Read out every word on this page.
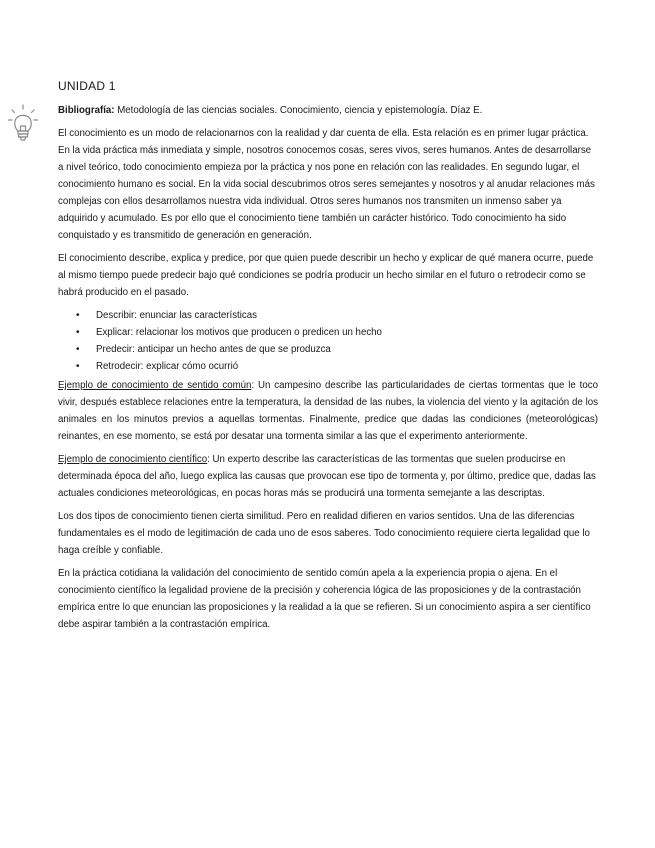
UNIDAD 1

Bibliografía: Metodología de las ciencias sociales. Conocimiento, ciencia y epistemología. Díaz E.

El conocimiento es un modo de relacionarnos con la realidad y dar cuenta de ella. Esta relación es en primer lugar práctica. En la vida práctica más inmediata y simple, nosotros conocemos cosas, seres vivos, seres humanos. Antes de desarrollarse a nivel teórico, todo conocimiento empieza por la práctica y nos pone en relación con las realidades. En segundo lugar, el conocimiento humano es social. En la vida social descubrimos otros seres semejantes y nosotros y al anudar relaciones más complejas con ellos desarrollamos nuestra vida individual. Otros seres humanos nos transmiten un inmenso saber ya adquirido y acumulado. Es por ello que el conocimiento tiene también un carácter histórico. Todo conocimiento ha sido conquistado y es transmitido de generación en generación.

El conocimiento describe, explica y predice, por que quien puede describir un hecho y explicar de qué manera ocurre, puede al mismo tiempo puede predecir bajo qué condiciones se podría producir un hecho similar en el futuro o retrodecir como se habrá producido en el pasado.

• Describir: enunciar las características
• Explicar: relacionar los motivos que producen o predicen un hecho
• Predecir: anticipar un hecho antes de que se produzca
• Retrodecir: explicar cómo ocurrió

Ejemplo de conocimiento de sentido común: Un campesino describe las particularidades de ciertas tormentas que le toco vivir, después establece relaciones entre la temperatura, la densidad de las nubes, la violencia del viento y la agitación de los animales en los minutos previos a aquellas tormentas. Finalmente, predice que dadas las condiciones (meteorológicas) reinantes, en ese momento, se está por desatar una tormenta similar a las que el experimento anteriormente.

Ejemplo de conocimiento científico: Un experto describe las características de las tormentas que suelen producirse en determinada época del año, luego explica las causas que provocan ese tipo de tormenta y, por último, predice que, dadas las actuales condiciones meteorológicas, en pocas horas más se producirá una tormenta semejante a las descriptas.

Los dos tipos de conocimiento tienen cierta similitud. Pero en realidad difieren en varios sentidos. Una de las diferencias fundamentales es el modo de legitimación de cada uno de esos saberes. Todo conocimiento requiere cierta legalidad que lo haga creíble y confiable.

En la práctica cotidiana la validación del conocimiento de sentido común apela a la experiencia propia o ajena. En el conocimiento científico la legalidad proviene de la precisión y coherencia lógica de las proposiciones y de la contrastación empírica entre lo que enuncian las proposiciones y la realidad a la que se refieren. Si un conocimiento aspira a ser científico debe aspirar también a la contrastación empírica.
